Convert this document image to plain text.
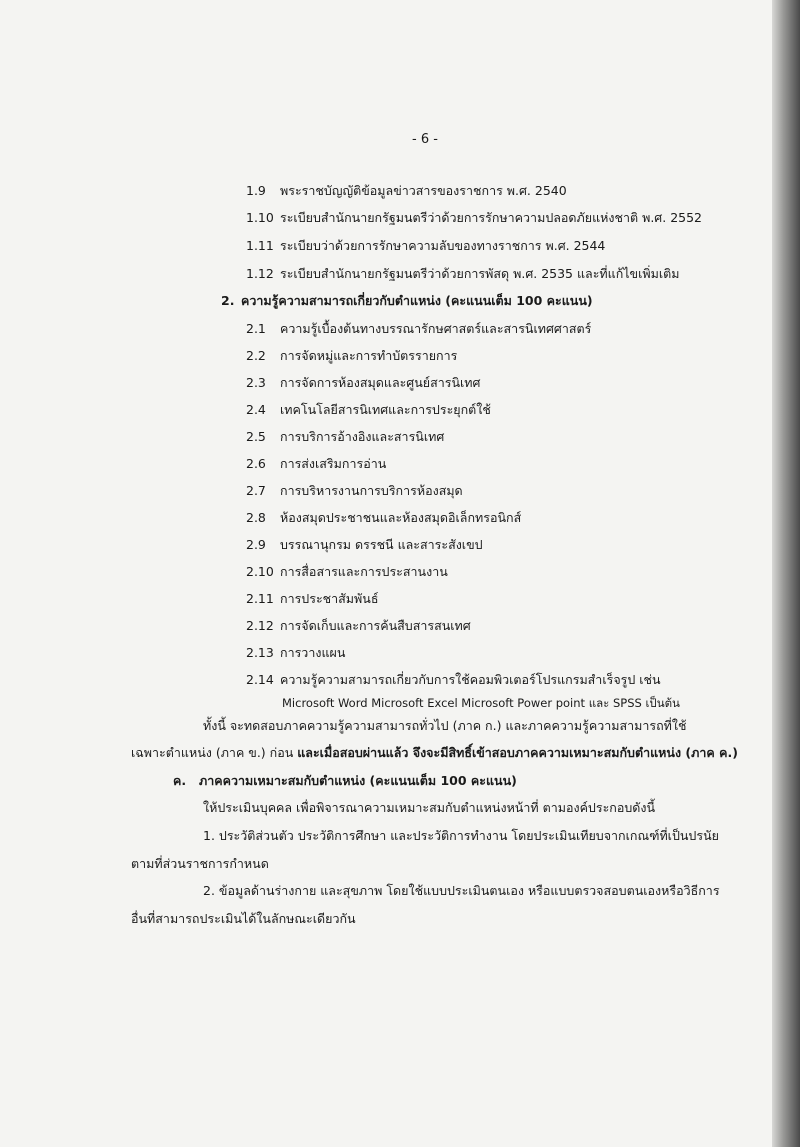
- 6 -
1.9 พระราชบัญญัติข้อมูลข่าวสารของราชการ พ.ศ. 2540
1.10 ระเบียบสำนักนายกรัฐมนตรีว่าด้วยการรักษาความปลอดภัยแห่งชาติ พ.ศ. 2552
1.11 ระเบียบว่าด้วยการรักษาความลับของทางราชการ พ.ศ. 2544
1.12 ระเบียบสำนักนายกรัฐมนตรีว่าด้วยการพัสดุ พ.ศ. 2535 และที่แก้ไขเพิ่มเติม
2. ความรู้ความสามารถเกี่ยวกับตำแหน่ง (คะแนนเต็ม 100 คะแนน)
2.1 ความรู้เบื้องต้นทางบรรณารักษศาสตร์และสารนิเทศศาสตร์
2.2 การจัดหมู่และการทำบัตรรายการ
2.3 การจัดการห้องสมุดและศูนย์สารนิเทศ
2.4 เทคโนโลยีสารนิเทศและการประยุกต์ใช้
2.5 การบริการอ้างอิงและสารนิเทศ
2.6 การส่งเสริมการอ่าน
2.7 การบริหารงานการบริการห้องสมุด
2.8 ห้องสมุดประชาชนและห้องสมุดอิเล็กทรอนิกส์
2.9 บรรณานุกรม ดรรชนี และสาระสังเขป
2.10 การสื่อสารและการประสานงาน
2.11 การประชาสัมพันธ์
2.12 การจัดเก็บและการค้นสืบสารสนเทศ
2.13 การวางแผน
2.14 ความรู้ความสามารถเกี่ยวกับการใช้คอมพิวเตอร์โปรแกรมสำเร็จรูป เช่น
Microsoft Word Microsoft Excel Microsoft Power point และ SPSS เป็นต้น
ทั้งนี้ จะทดสอบภาคความรู้ความสามารถทั่วไป (ภาค ก.) และภาคความรู้ความสามารถที่ใช้
เฉพาะตำแหน่ง (ภาค ข.) ก่อน และเมื่อสอบผ่านแล้ว จึงจะมีสิทธิ์เข้าสอบภาคความเหมาะสมกับตำแหน่ง (ภาค ค.)
ค. ภาคความเหมาะสมกับตำแหน่ง (คะแนนเต็ม 100 คะแนน)
ให้ประเมินบุคคล เพื่อพิจารณาความเหมาะสมกับตำแหน่งหน้าที่ ตามองค์ประกอบดังนี้
1. ประวัติส่วนตัว ประวัติการศึกษา และประวัติการทำงาน โดยประเมินเทียบจากเกณฑ์ที่เป็นปรนัย
ตามที่ส่วนราชการกำหนด
2. ข้อมูลด้านร่างกาย และสุขภาพ โดยใช้แบบประเมินตนเอง หรือแบบตรวจสอบตนเองหรือวิธีการ
อื่นที่สามารถประเมินได้ในลักษณะเดียวกัน
